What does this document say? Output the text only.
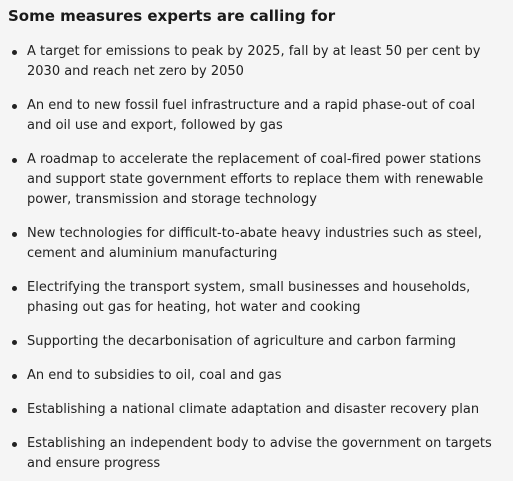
Some measures experts are calling for
A target for emissions to peak by 2025, fall by at least 50 per cent by 2030 and reach net zero by 2050
An end to new fossil fuel infrastructure and a rapid phase-out of coal and oil use and export, followed by gas
A roadmap to accelerate the replacement of coal-fired power stations and support state government efforts to replace them with renewable power, transmission and storage technology
New technologies for difficult-to-abate heavy industries such as steel, cement and aluminium manufacturing
Electrifying the transport system, small businesses and households, phasing out gas for heating, hot water and cooking
Supporting the decarbonisation of agriculture and carbon farming
An end to subsidies to oil, coal and gas
Establishing a national climate adaptation and disaster recovery plan
Establishing an independent body to advise the government on targets and ensure progress
